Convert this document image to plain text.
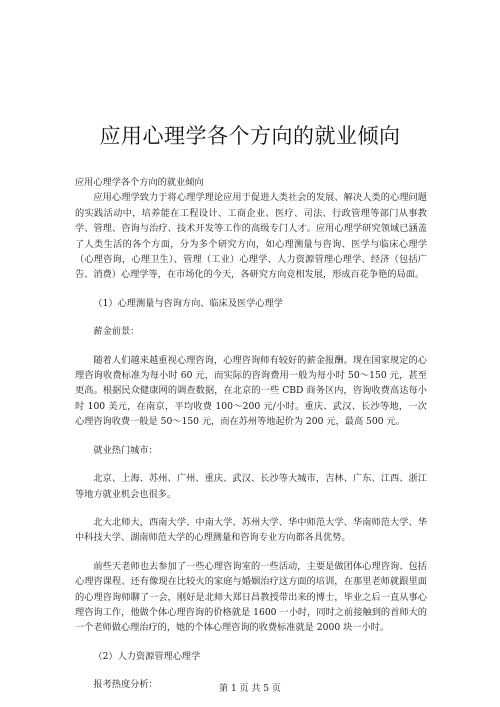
应用心理学各个方向的就业倾向

应用心理学各个方向的就业倾向

应用心理学致力于将心理学理论应用于促进人类社会的发展、解决人类的心理问题的实践活动中，培养能在工程设计、工商企业、医疗、司法、行政管理等部门从事教学、管理、咨询与治疗、技术开发等工作的高级专门人才。应用心理学研究领域已涵盖了人类生活的各个方面，分为多个研究方向，如心理测量与咨询、医学与临床心理学（心理咨询，心理卫生）、管理（工业）心理学、人力资源管理心理学、经济（包括广告、消费）心理学等，在市场化的今天，各研究方向竞相发展，形成百花争艳的局面。

（1）心理测量与咨询方向、临床及医学心理学

薪金前景：

随着人们越来越重视心理咨询，心理咨询师有较好的薪金报酬。现在国家规定的心理咨询收费标准为每小时 60 元，而实际的咨询费用一般为每小时 50～150 元，甚至更高。根据民众健康网的调查数据，在北京的一些 CBD 商务区内，咨询收费高达每小时 100 美元，在南京，平均收费 100～200 元/小时。重庆、武汉、长沙等地，一次心理咨询收费一般是 50～150 元，而在苏州等地起价为 200 元，最高 500 元。

就业热门城市：

北京、上海、苏州、广州、重庆、武汉、长沙等大城市，吉林、广东、江西、浙江等地方就业机会也很多。

北大北师大，西南大学、中南大学、苏州大学、华中师范大学、华南师范大学、华中科技大学、湖南师范大学的心理测量和咨询专业方向都各具优势。

前些天老师也去参加了一些心理咨询室的一些活动，主要是做团体心理咨询、包括心理咨课程、还有像现在比较火的家庭与婚姻治疗这方面的培训，在那里老师就跟里面的心理咨询师聊了一会，刚好是北师大郑日昌教授带出来的博士，毕业之后一直从事心理咨询工作，他做个体心理咨询的价格就是 1600 一小时，同时之前接触到的首师大的一个老师做心理治疗的，她的个体心理咨询的收费标准就是 2000 块一小时。

（2）人力资源管理心理学

报考热度分析：	第 1 页 共 5 页
